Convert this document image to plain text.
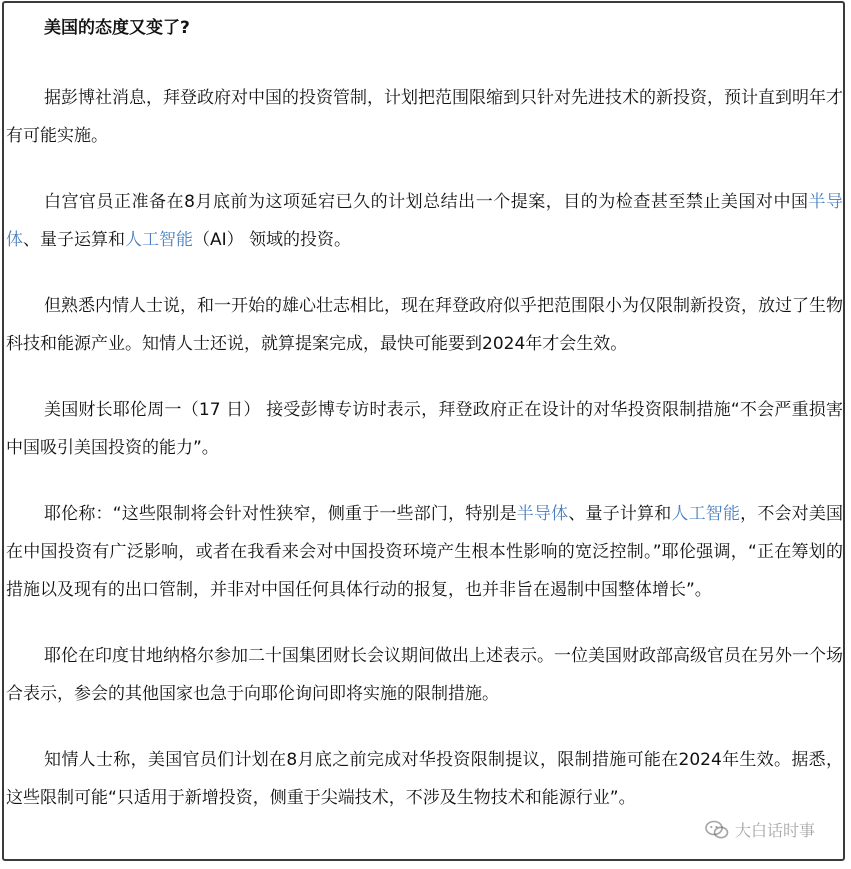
美国的态度又变了?

据彭博社消息，拜登政府对中国的投资管制，计划把范围限缩到只针对先进技术的新投资，预计直到明年才有可能实施。

白宫官员正准备在8月底前为这项延宕已久的计划总结出一个提案，目的为检查甚至禁止美国对中国半导体、量子运算和人工智能（AI） 领域的投资。

但熟悉内情人士说，和一开始的雄心壮志相比，现在拜登政府似乎把范围限小为仅限制新投资，放过了生物科技和能源产业。知情人士还说，就算提案完成，最快可能要到2024年才会生效。

美国财长耶伦周一（17 日） 接受彭博专访时表示，拜登政府正在设计的对华投资限制措施“不会严重损害中国吸引美国投资的能力”。

耶伦称：“这些限制将会针对性狭窄，侧重于一些部门，特别是半导体、量子计算和人工智能，不会对美国在中国投资有广泛影响，或者在我看来会对中国投资环境产生根本性影响的宽泛控制。”耶伦强调，“正在筹划的措施以及现有的出口管制，并非对中国任何具体行动的报复，也并非旨在遏制中国整体增长”。

耶伦在印度甘地纳格尔参加二十国集团财长会议期间做出上述表示。一位美国财政部高级官员在另外一个场合表示，参会的其他国家也急于向耶伦询问即将实施的限制措施。

知情人士称，美国官员们计划在8月底之前完成对华投资限制提议，限制措施可能在2024年生效。据悉，这些限制可能“只适用于新增投资，侧重于尖端技术，不涉及生物技术和能源行业”。

大白话时事
